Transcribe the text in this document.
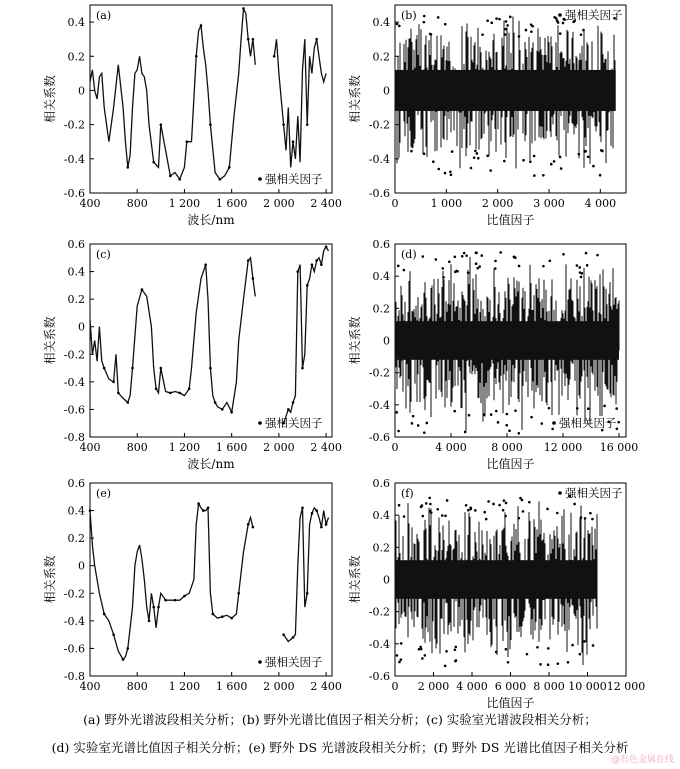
400 800 1 200 1 600 2 000 2 400
-0.6
-0.4
-0.2
0
0.2
0.4
波长/nm
相关系数
(a)
强相关因子
0	1 000 2 000 3 000 4 000
-0.6
-0.4
-0.2
0
0.2
0.4
比值因子
相关系数
(b)	强相关因子
400 800 1 200 1 600 2 000 2 400
-0.8
-0.6
-0.4
-0.2
0
0.2
0.4
0.6
波长/nm
相关系数
(c)
强相关因子
0	4 000 8 000 12 000 16 000
-0.6
-0.4
-0.2
0
0.2
0.4
0.6
比值因子
相关系数
(d)
强相关因子
400 800 1 200 1 600 2 000 2 400
-0.8
-0.6
-0.4
-0.2
0
0.2
0.4
0.6
相关系数
(e)
强相关因子
0 2 000 4 000 6 000 8 000 10 000 12 000
-0.6
-0.4
-0.2
0
0.2
0.4
0.6
比值因子
相关系数
(f)	强相关因子
(a) 野外光谱波段相关分析；(b) 野外光谱比值因子相关分析；(c) 实验室光谱波段相关分析；
(d) 实验室光谱比值因子相关分析；(e) 野外 DS 光谱波段相关分析；(f) 野外 DS 光谱比值因子相关分析
@有色金属在线
